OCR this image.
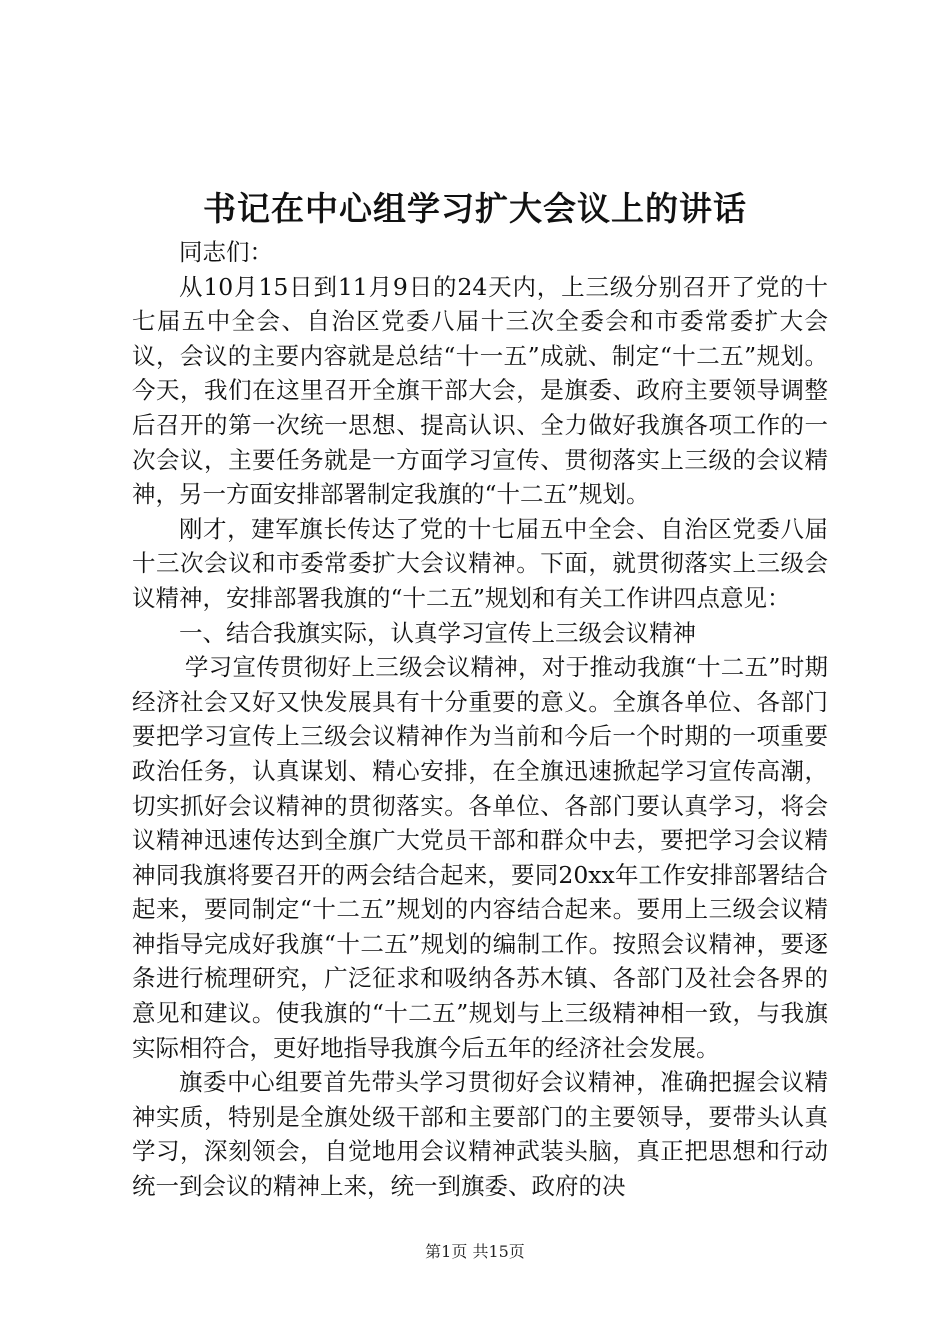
书记在中心组学习扩大会议上的讲话

同志们：

从10月15日到11月9日的24天内，上三级分别召开了党的十七届五中全会、自治区党委八届十三次全委会和市委常委扩大会议，会议的主要内容就是总结“十一五”成就、制定“十二五”规划。今天，我们在这里召开全旗干部大会，是旗委、政府主要领导调整后召开的第一次统一思想、提高认识、全力做好我旗各项工作的一次会议，主要任务就是一方面学习宣传、贯彻落实上三级的会议精神，另一方面安排部署制定我旗的“十二五”规划。

刚才，建军旗长传达了党的十七届五中全会、自治区党委八届十三次会议和市委常委扩大会议精神。下面，就贯彻落实上三级会议精神，安排部署我旗的“十二五”规划和有关工作讲四点意见：

一、结合我旗实际，认真学习宣传上三级会议精神

学习宣传贯彻好上三级会议精神，对于推动我旗“十二五”时期经济社会又好又快发展具有十分重要的意义。全旗各单位、各部门要把学习宣传上三级会议精神作为当前和今后一个时期的一项重要政治任务，认真谋划、精心安排，在全旗迅速掀起学习宣传高潮，切实抓好会议精神的贯彻落实。各单位、各部门要认真学习，将会议精神迅速传达到全旗广大党员干部和群众中去，要把学习会议精神同我旗将要召开的两会结合起来，要同20xx年工作安排部署结合起来，要同制定“十二五”规划的内容结合起来。要用上三级会议精神指导完成好我旗“十二五”规划的编制工作。按照会议精神，要逐条进行梳理研究，广泛征求和吸纳各苏木镇、各部门及社会各界的意见和建议。使我旗的“十二五”规划与上三级精神相一致，与我旗实际相符合，更好地指导我旗今后五年的经济社会发展。

旗委中心组要首先带头学习贯彻好会议精神，准确把握会议精神实质，特别是全旗处级干部和主要部门的主要领导，要带头认真学习，深刻领会，自觉地用会议精神武装头脑，真正把思想和行动统一到会议的精神上来，统一到旗委、政府的决

第1页 共15页
